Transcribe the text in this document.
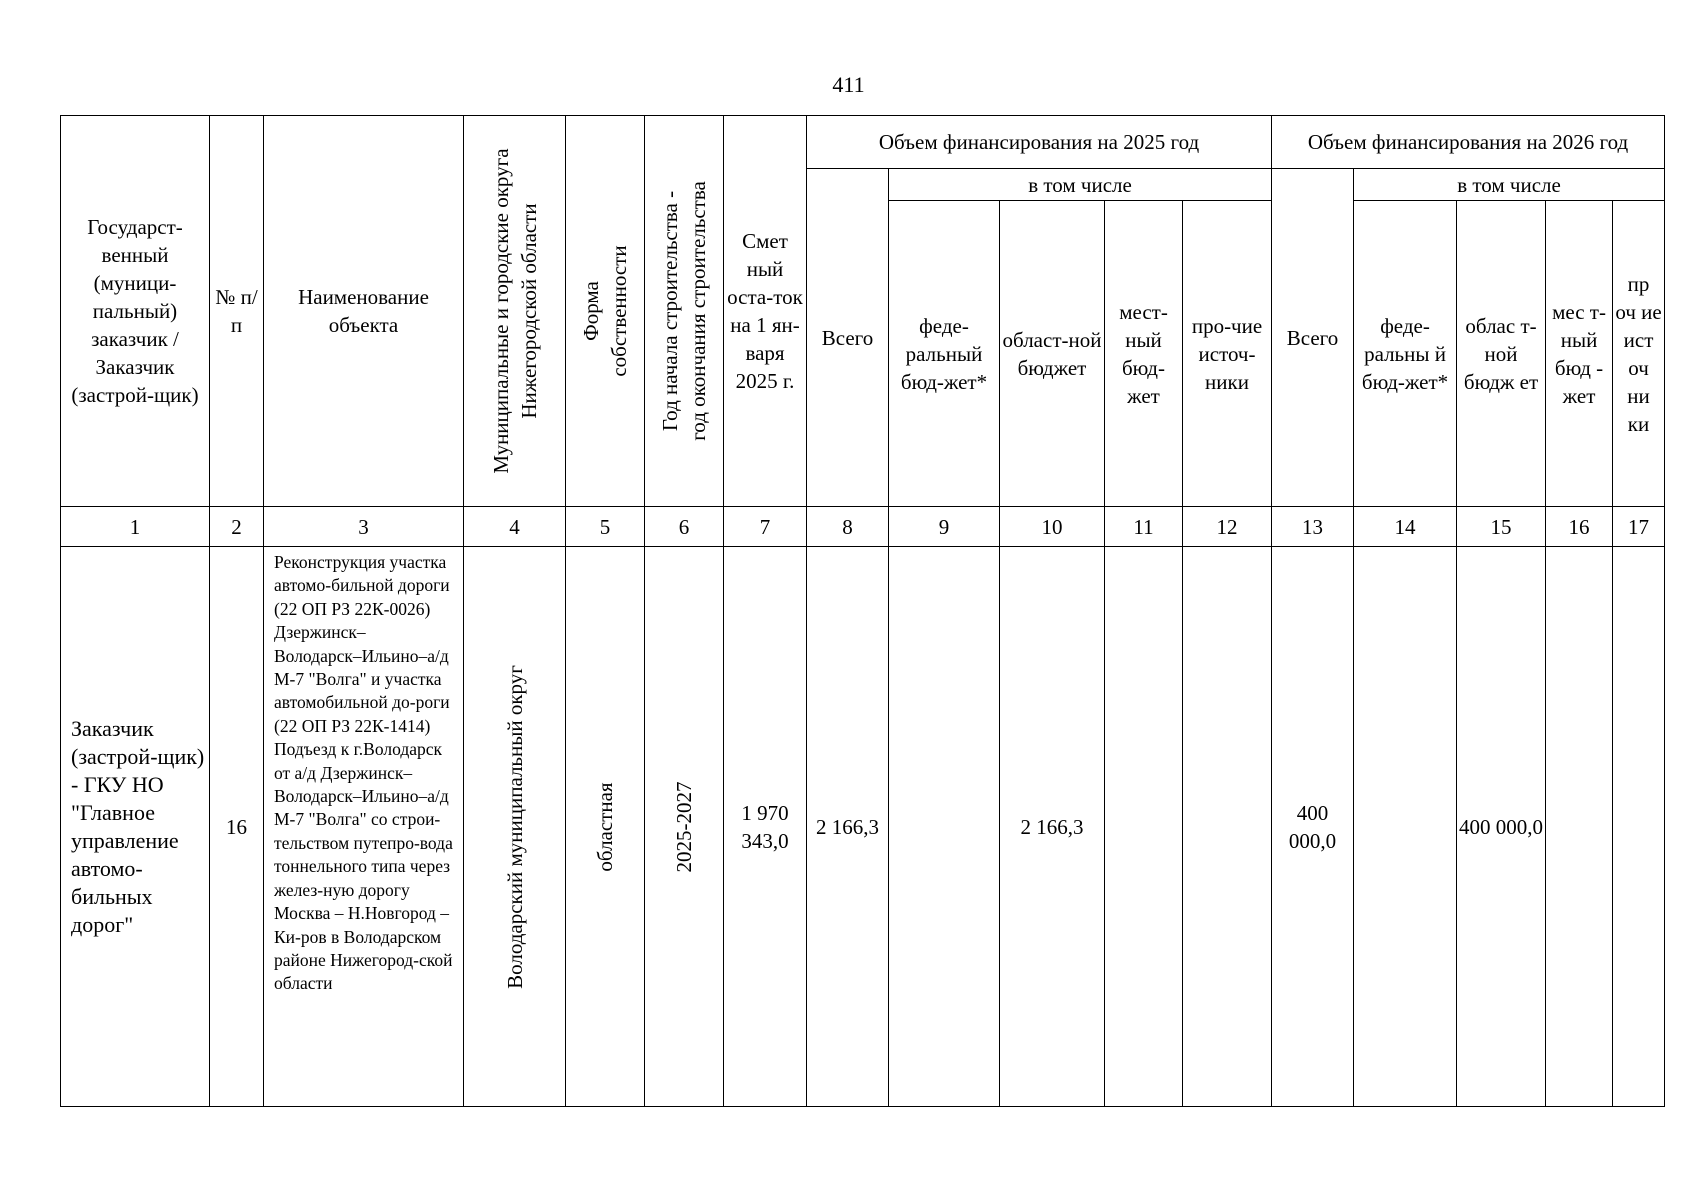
411
Государст-венный (муници-пальный) заказчик / Заказчик (застрой-щик)	№ п/п	Наименование объекта	Муниципальные и городские округа Нижегородской области	Форма собственности	Год начала строительства - год окончания строительства	Смет ный оста-ток на 1 ян-варя 2025 г.	Объем финансирования на 2025 год					Объем финансирования на 2026 год				
							Всего	в том числе				Всего	в том числе			
								феде-ральный бюд-жет*	област-ной бюджет	мест-ный бюд-жет	про-чие источ-ники		феде-ральны й бюд-жет*	облас т-ной бюдж ет	мес т-ный бюд - жет	пр оч ие ист оч ни ки
1	2	3	4	5	6	7	8	9	10	11	12	13	14	15	16	17
Заказчик (застрой-щик) - ГКУ НО "Главное управление автомо-бильных дорог"	16	Реконструкция участка автомо-бильной дороги (22 ОП РЗ 22К-0026) Дзержинск–Володарск–Ильино–а/д М-7 "Волга" и участка автомобильной до-роги (22 ОП РЗ 22К-1414) Подъезд к г.Володарск от а/д Дзержинск–Володарск–Ильино–а/д М-7 "Волга" со строи-тельством путепро-вода тоннельного типа через желез-ную дорогу Москва – Н.Новгород – Ки-ров в Володарском районе Нижегород-ской области	Володарский муниципальный округ	областная	2025-2027	1 970 343,0	2 166,3		2 166,3			400 000,0		400 000,0		
